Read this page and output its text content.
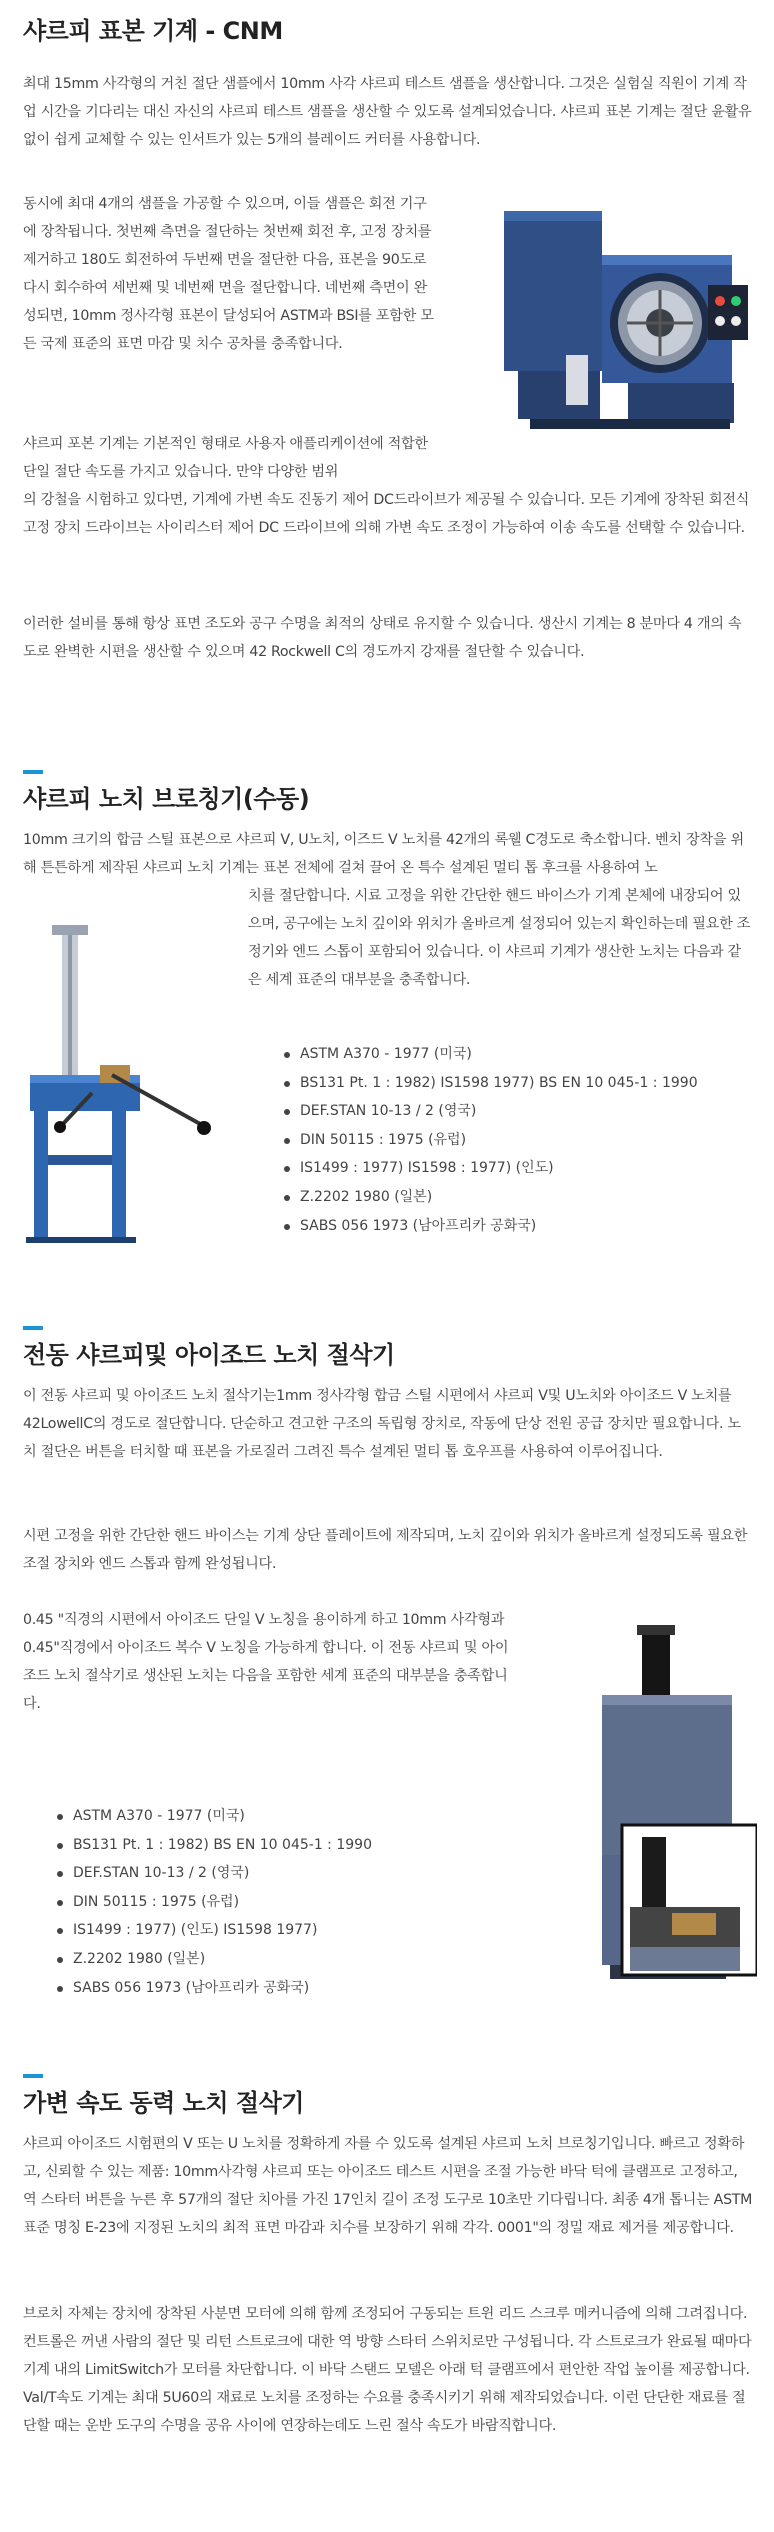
샤르피 표본 기계 - CNM

최대 15mm 사각형의 거친 절단 샘플에서 10mm 사각 샤르피 테스트 샘플을 생산합니다. 그것은 실험실 직원이 기계 작업 시간을 기다리는 대신 자신의 샤르피 테스트 샘플을 생산할 수 있도록 설계되었습니다. 샤르피 표본 기계는 절단 윤활유 없이 쉽게 교체할 수 있는 인서트가 있는 5개의 블레이드 커터를 사용합니다.

동시에 최대 4개의 샘플을 가공할 수 있으며, 이들 샘플은 회전 기구에 장착됩니다. 첫번째 측면을 절단하는 첫번째 회전 후, 고정 장치를 제거하고 180도 회전하여 두번째 면을 절단한 다음, 표본을 90도로 다시 회수하여 세번째 및 네번째 면을 절단합니다. 네번째 측면이 완성되면, 10mm 정사각형 표본이 달성되어 ASTM과 BSI를 포함한 모든 국제 표준의 표면 마감 및 치수 공차를 충족합니다.

샤르피 포본 기계는 기본적인 형태로 사용자 애플리케이션에 적합한 단일 절단 속도를 가지고 있습니다. 만약 다양한 범위

의 강철을 시험하고 있다면, 기계에 가변 속도 진동기 제어 DC드라이브가 제공될 수 있습니다. 모든 기계에 장착된 회전식 고정 장치 드라이브는 사이리스터 제어 DC 드라이브에 의해 가변 속도 조정이 가능하여 이송 속도를 선택할 수 있습니다.

이러한 설비를 통해 항상 표면 조도와 공구 수명을 최적의 상태로 유지할 수 있습니다. 생산시 기계는 8 분마다 4 개의 속도로 완벽한 시편을 생산할 수 있으며 42 Rockwell C의 경도까지 강재를 절단할 수 있습니다.

샤르피 노치 브로칭기(수동)

10mm 크기의 합금 스틸 표본으로 샤르피 V, U노치, 이즈드 V 노치를 42개의 록웰 C경도로 축소합니다. 벤치 장착을 위해 튼튼하게 제작된 샤르피 노치 기계는 표본 전체에 걸쳐 끌어 온 특수 설계된 멀티 톱 후크를 사용하여 노

치를 절단합니다. 시료 고정을 위한 간단한 핸드 바이스가 기계 본체에 내장되어 있으며, 공구에는 노치 깊이와 위치가 올바르게 설정되어 있는지 확인하는데 필요한 조정기와 엔드 스톱이 포함되어 있습니다. 이 샤르피 기계가 생산한 노치는 다음과 같은 세계 표준의 대부분을 충족합니다.

ASTM A370 - 1977 (미국)
BS131 Pt. 1 : 1982) IS1598 1977) BS EN 10 045-1 : 1990
DEF.STAN 10-13 / 2 (영국)
DIN 50115 : 1975 (유럽)
IS1499 : 1977) IS1598 : 1977) (인도)
Z.2202 1980 (일본)
SABS 056 1973 (남아프리카 공화국)
전동 샤르피및 아이조드 노치 절삭기

이 전동 샤르피 및 아이조드 노치 절삭기는1mm 정사각형 합금 스틸 시편에서 샤르피 V및 U노치와 아이조드 V 노치를 42LowellC의 경도로 절단합니다. 단순하고 견고한 구조의 독립형 장치로, 작동에 단상 전원 공급 장치만 필요합니다. 노치 절단은 버튼을 터치할 때 표본을 가로질러 그려진 특수 설계된 멀티 톱 호우프를 사용하여 이루어집니다.

시편 고정을 위한 간단한 핸드 바이스는 기계 상단 플레이트에 제작되며, 노치 깊이와 위치가 올바르게 설정되도록 필요한 조절 장치와 엔드 스톱과 함께 완성됩니다.

0.45 "직경의 시편에서 아이조드 단일 V 노칭을 용이하게 하고 10mm 사각형과 0.45"직경에서 아이조드 복수 V 노칭을 가능하게 합니다. 이 전동 샤르피 및 아이조드 노치 절삭기로 생산된 노치는 다음을 포함한 세계 표준의 대부분을 충족합니다.

ASTM A370 - 1977 (미국)
BS131 Pt. 1 : 1982) BS EN 10 045-1 : 1990
DEF.STAN 10-13 / 2 (영국)
DIN 50115 : 1975 (유럽)
IS1499 : 1977) (인도) IS1598 1977)
Z.2202 1980 (일본)
SABS 056 1973 (남아프리카 공화국)
가변 속도 동력 노치 절삭기

샤르피 아이조드 시험편의 V 또는 U 노치를 정확하게 자를 수 있도록 설계된 샤르피 노치 브로칭기입니다. 빠르고 정확하고, 신뢰할 수 있는 제품: 10mm사각형 샤르피 또는 아이조드 테스트 시편을 조절 가능한 바닥 턱에 클램프로 고정하고, 역 스타터 버튼을 누른 후 57개의 절단 치아를 가진 17인치 길이 조정 도구로 10초만 기다립니다. 최종 4개 톱니는 ASTM표준 명칭 E-23에 지정된 노치의 최적 표면 마감과 치수를 보장하기 위해 각각. 0001"의 정밀 재료 제거를 제공합니다.

브로치 자체는 장치에 장착된 사분면 모터에 의해 함께 조정되어 구동되는 트윈 리드 스크루 메커니즘에 의해 그려집니다. 컨트롤은 꺼낸 사람의 절단 및 리턴 스트로크에 대한 역 방향 스타터 스위치로만 구성됩니다. 각 스트로크가 완료될 때마다 기계 내의 LimitSwitch가 모터를 차단합니다. 이 바닥 스탠드 모델은 아래 턱 클램프에서 편안한 작업 높이를 제공합니다. Val/T속도 기계는 최대 5U60의 재료로 노치를 조정하는 수요를 충족시키기 위해 제작되었습니다. 이런 단단한 재료를 절단할 때는 운반 도구의 수명을 공유 사이에 연장하는데도 느린 절삭 속도가 바람직합니다.
